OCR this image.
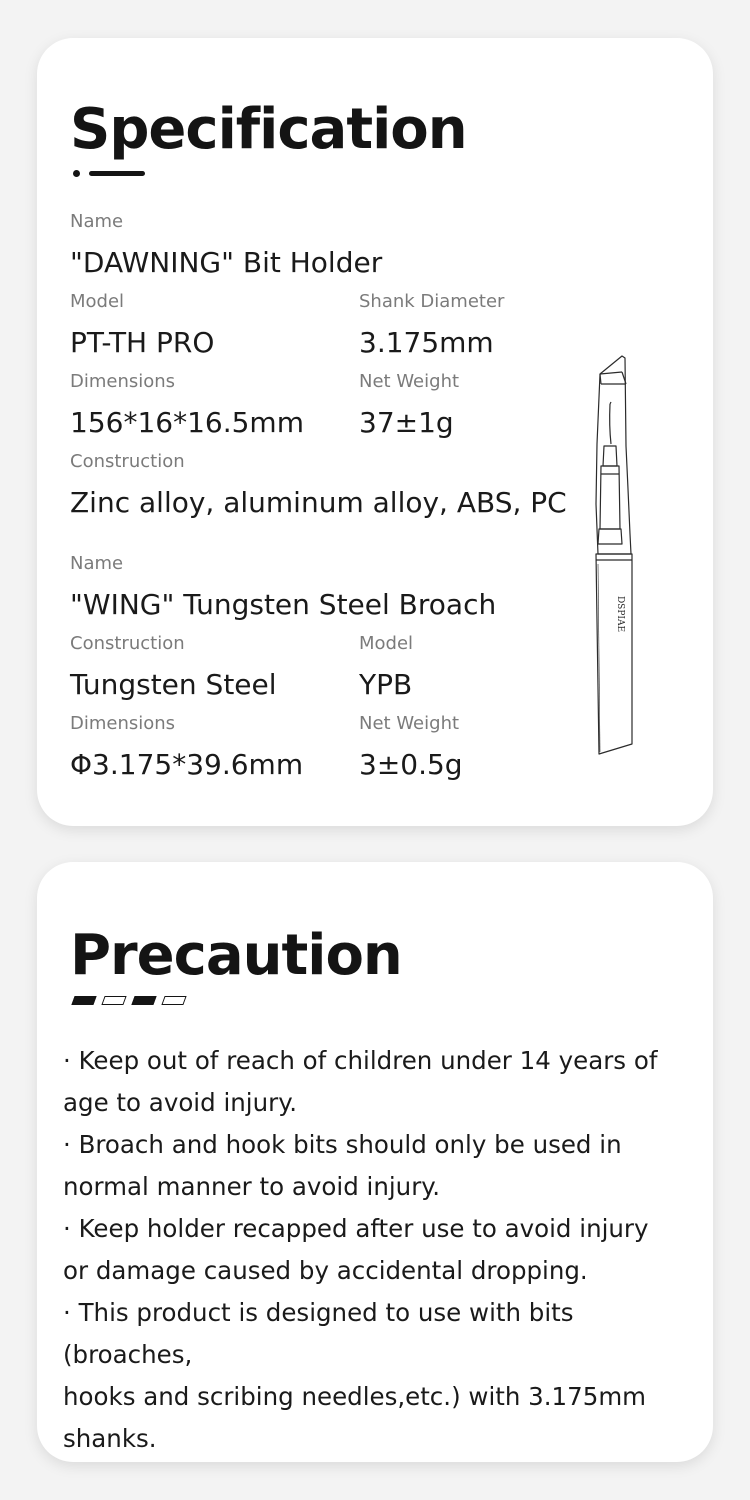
Specification
Name
"DAWNING" Bit Holder
Model
PT-TH PRO
Shank Diameter
3.175mm
Dimensions
156*16*16.5mm
Net Weight
37±1g
Construction
Zinc alloy, aluminum alloy, ABS, PC
Name
"WING" Tungsten Steel Broach
Construction
Tungsten Steel
Model
YPB
Dimensions
Φ3.175*39.6mm
Net Weight
3±0.5g
DSPIAE
Precaution
· Keep out of reach of children under 14 years of
age to avoid injury.
· Broach and hook bits should only be used in
normal manner to avoid injury.
· Keep holder recapped after use to avoid injury
or damage caused by accidental dropping.
· This product is designed to use with bits (broaches,
hooks and scribing needles,etc.) with 3.175mm shanks.
